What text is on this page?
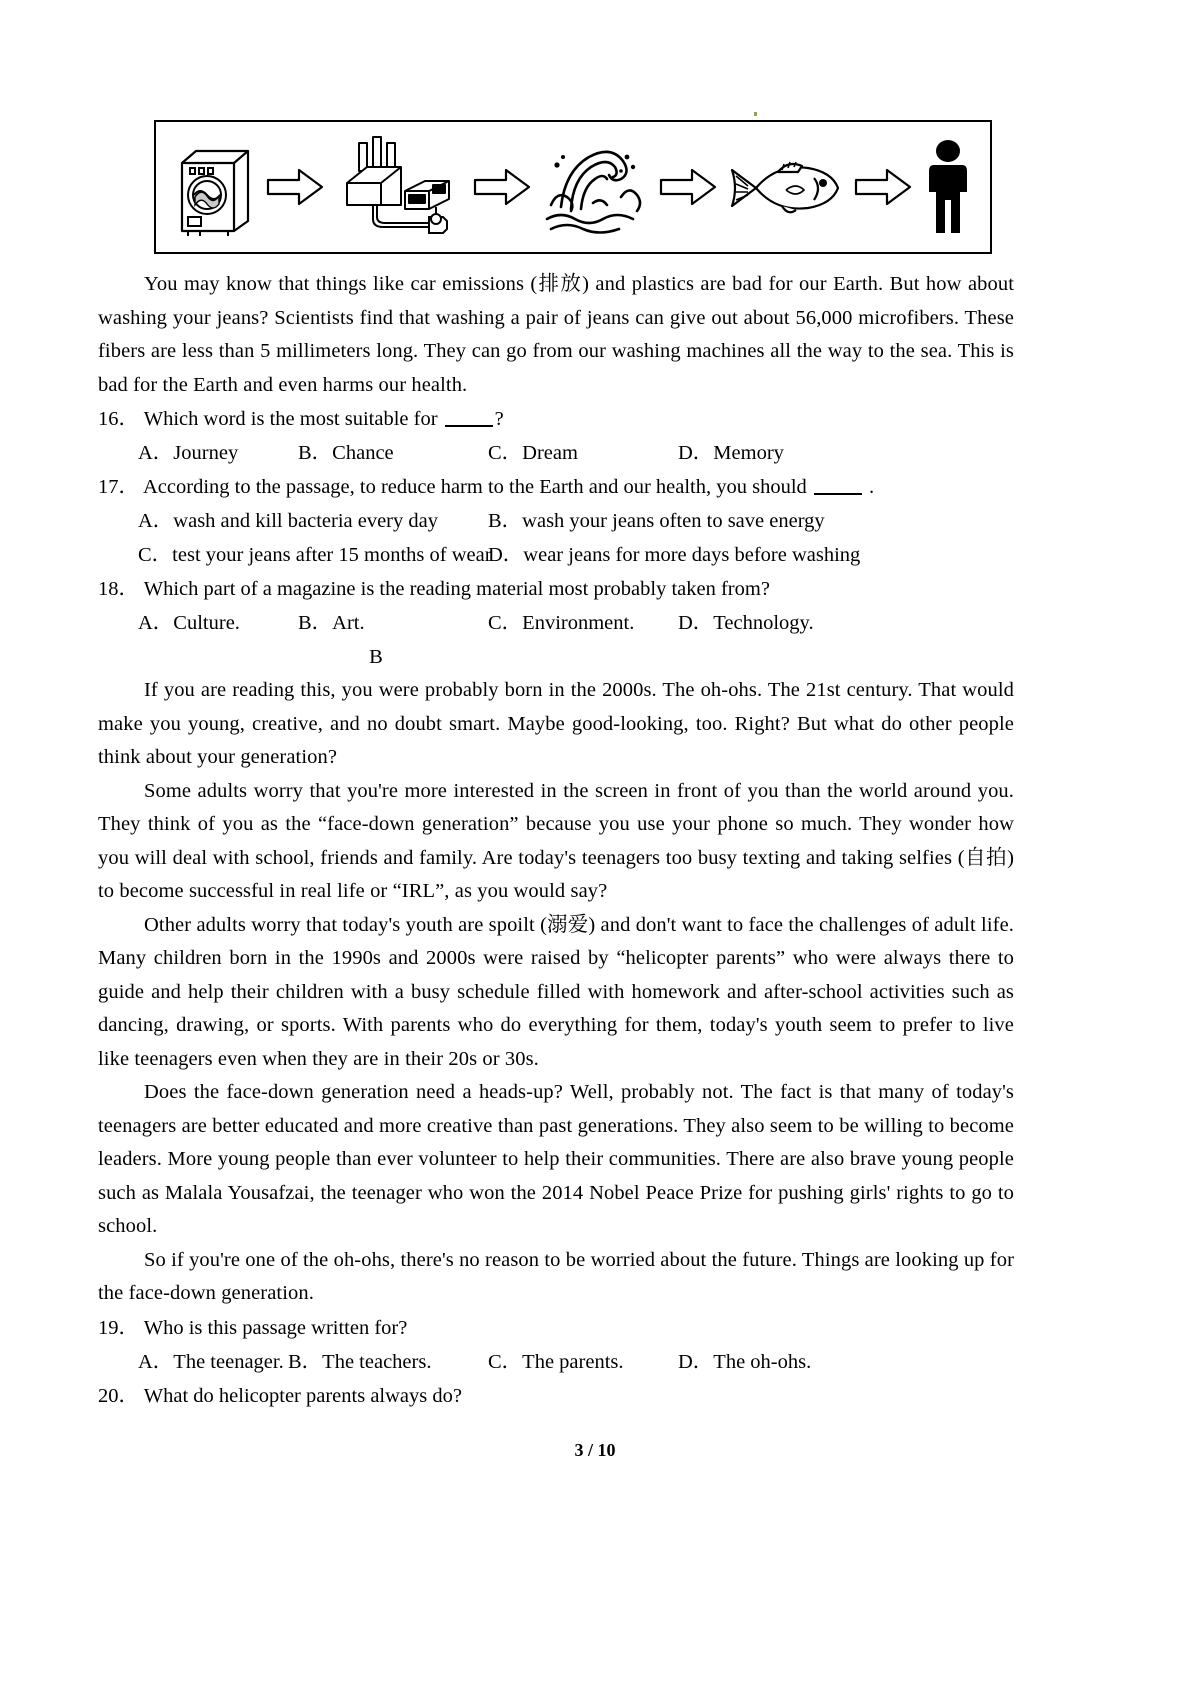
You may know that things like car emissions (排放) and plastics are bad for our Earth. But how about washing your jeans? Scientists find that washing a pair of jeans can give out about 56,000 microfibers. These fibers are less than 5 millimeters long. They can go from our washing machines all the way to the sea. This is bad for the Earth and even harms our health.

16． Which word is the most suitable for	?

A．Journey	B．Chance	C．Dream	D．Memory

17． According to the passage, to reduce harm to the Earth and our health, you should	.

A．wash and kill bacteria every day	B．wash your jeans often to save energy
C．test your jeans after 15 months of wear
D．wear jeans for more days before washing

18． Which part of a magazine is the reading material most probably taken from?

A．Culture.	B．Art.	C．Environment.	D．Technology.

B

If you are reading this, you were probably born in the 2000s. The oh-ohs. The 21st century. That would make you young, creative, and no doubt smart. Maybe good-looking, too. Right? But what do other people think about your generation?

Some adults worry that you're more interested in the screen in front of you than the world around you. They think of you as the “face-down generation” because you use your phone so much. They wonder how you will deal with school, friends and family. Are today's teenagers too busy texting and taking selfies (自拍) to become successful in real life or “IRL”, as you would say?

Other adults worry that today's youth are spoilt (溺爱) and don't want to face the challenges of adult life. Many children born in the 1990s and 2000s were raised by “helicopter parents” who were always there to guide and help their children with a busy schedule filled with homework and after-school activities such as dancing, drawing, or sports. With parents who do everything for them, today's youth seem to prefer to live like teenagers even when they are in their 20s or 30s.

Does the face-down generation need a heads-up? Well, probably not. The fact is that many of today's teenagers are better educated and more creative than past generations. They also seem to be willing to become leaders. More young people than ever volunteer to help their communities. There are also brave young people such as Malala Yousafzai, the teenager who won the 2014 Nobel Peace Prize for pushing girls' rights to go to school.

So if you're one of the oh-ohs, there's no reason to be worried about the future. Things are looking up for the face-down generation.

19． Who is this passage written for?

A．The teenager. B．The teachers.	C．The parents.	D．The oh-ohs.

20． What do helicopter parents always do?

3 / 10
